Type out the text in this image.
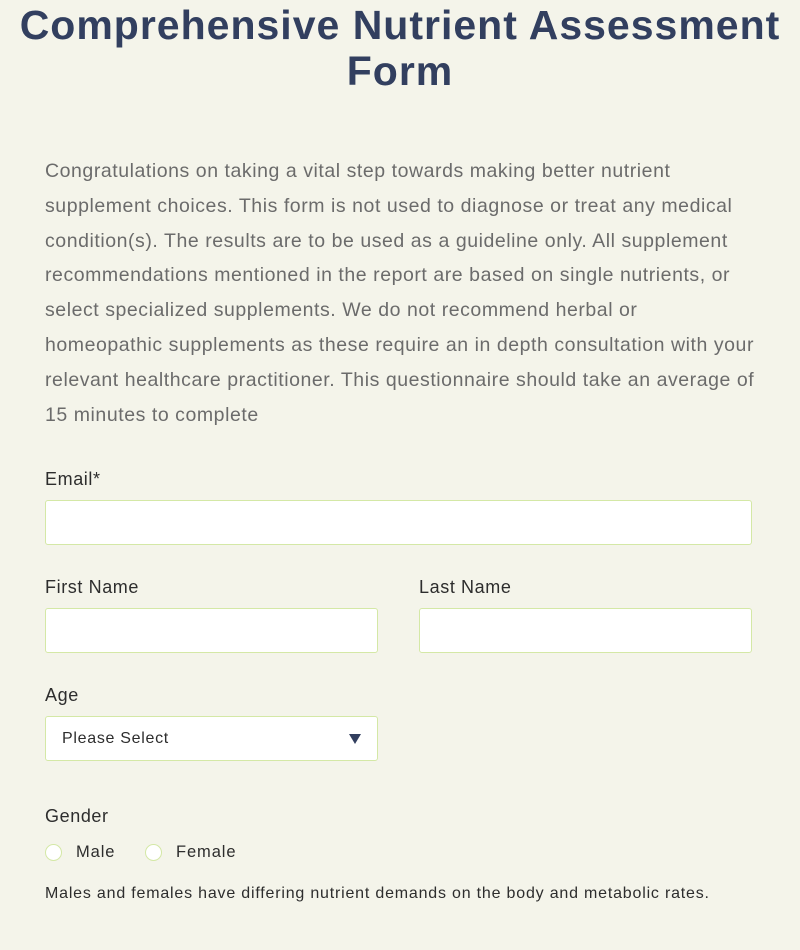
Comprehensive Nutrient Assessment Form

Congratulations on taking a vital step towards making better nutrient supplement choices. This form is not used to diagnose or treat any medical condition(s). The results are to be used as a guideline only. All supplement recommendations mentioned in the report are based on single nutrients, or select specialized supplements. We do not recommend herbal or homeopathic supplements as these require an in depth consultation with your relevant healthcare practitioner. This questionnaire should take an average of 15 minutes to complete

Email*
First Name	Last Name
Age
Please Select
Gender
Male	Female

Males and females have differing nutrient demands on the body and metabolic rates.
